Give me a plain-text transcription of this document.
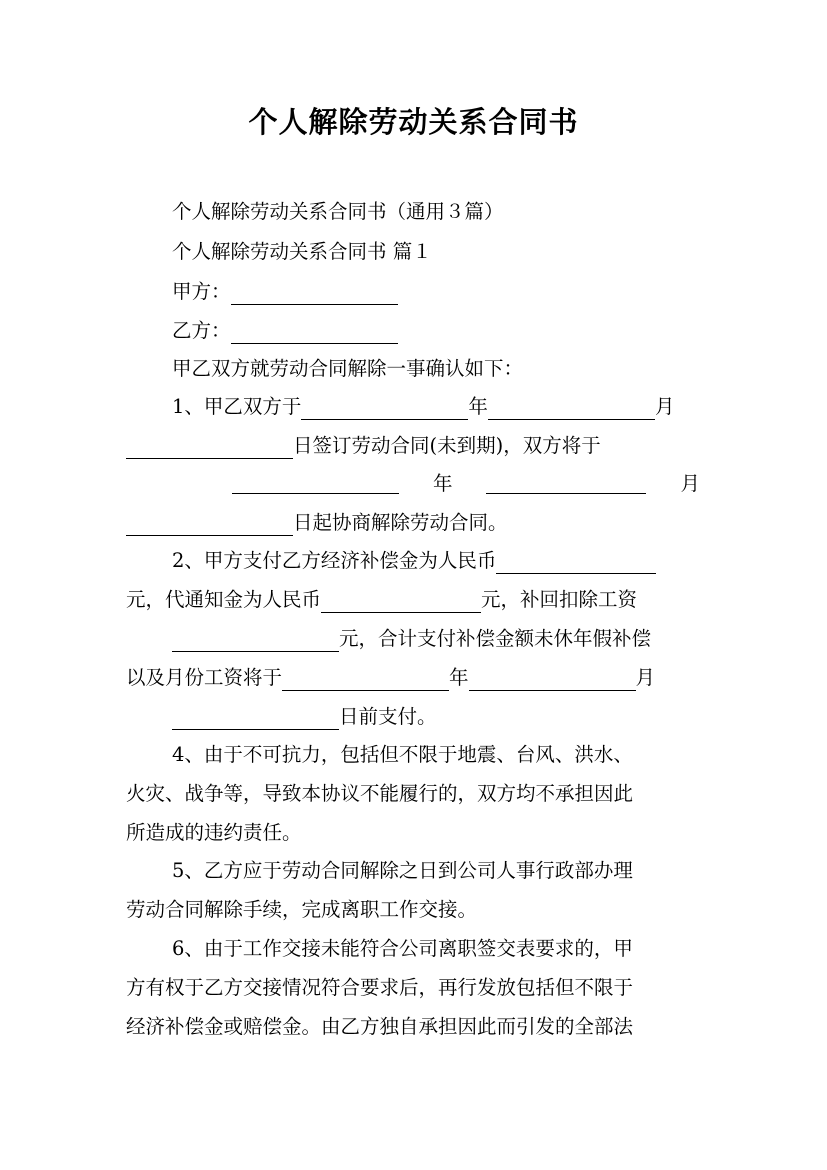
个人解除劳动关系合同书
个人解除劳动关系合同书（通用３篇）
个人解除劳动关系合同书 篇１
甲方：
乙方：
甲乙双方就劳动合同解除一事确认如下：
1、甲乙双方于	年	月
日签订劳动合同(未到期)，双方将于
年	月
日起协商解除劳动合同。
2、甲方支付乙方经济补偿金为人民币
元，代通知金为人民币	元，补回扣除工资
元，合计支付补偿金额未休年假补偿
以及月份工资将于	年	月
日前支付。
4、由于不可抗力，包括但不限于地震、台风、洪水、
火灾、战争等，导致本协议不能履行的，双方均不承担因此
所造成的违约责任。
5、乙方应于劳动合同解除之日到公司人事行政部办理
劳动合同解除手续，完成离职工作交接。
6、由于工作交接未能符合公司离职签交表要求的，甲
方有权于乙方交接情况符合要求后，再行发放包括但不限于
经济补偿金或赔偿金。由乙方独自承担因此而引发的全部法
